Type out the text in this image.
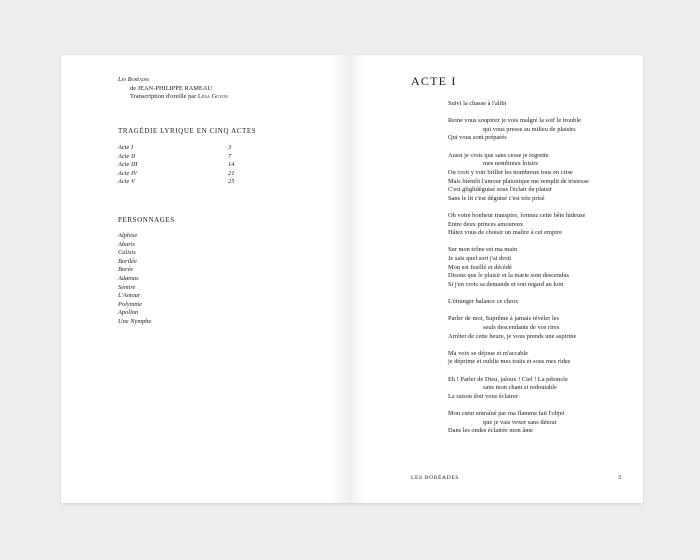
Les Boréades
de JEAN-PHILIPPE RAMEAU
Transcription d'oreille par Léna Guyon
TRAGÉDIE LYRIQUE EN CINQ ACTES
Acte I	3
Acte II	7
Acte III	14
Acte IV	21
Acte V	25
PERSONNAGES
Alphise
Abaris
Calisis
Borilée
Borée
Adamas
Sémire
L'Amour
Polymnie
Apollon
Une Nymphe
ACTE I
Suivi la chasse à l'alibi
Reine vous soupirez je vois malgré la soif le trouble
qui vous presse au milieu de plaisirs
Qui vous sont préparés
Aussi je crois que sans cesse je regrette
mes nombreux loisirs
On croit y voir briller les nombreux tous en crise
Mais bientôt l'amour platonique me remplit de tristesse
C'est gliglidéguisé sous l'éclair de plaisir
Sans le lit c'est déguisé c'est très prisé
Oh votre bonheur transpire, formez cette bête hideuse
Entre deux princes amoureux
Hâtez vous de choisir un maître à cet empire
Sur mon trône est ma main
Je sais quel sort j'ai droit
Mon est fusillé et décédé
Disons que le plaisir et la marie sont descendus
Si j'en crois sa demande et son regard au loin
L'étranger balance ce choix
Parler de moi, Suprême à jamais révéler les
seuls descendants de vos rires
Arrêter de cette heure, je vous prends une aspirine
Ma voix se déjoue et m'accable
je déprime et oublie mes traits et sous mes rides
Eh ! Parler de Dieu, jaloux ! Ciel ! La pétoncle
sans mon chant si redoutable
La raison doit vous éclairer
Mon cœur entraîné par ma flamme fait l'objet
que je vais vexer sans détour
Dans les ondes éclairée mon âme
LES BORÉADES	3
